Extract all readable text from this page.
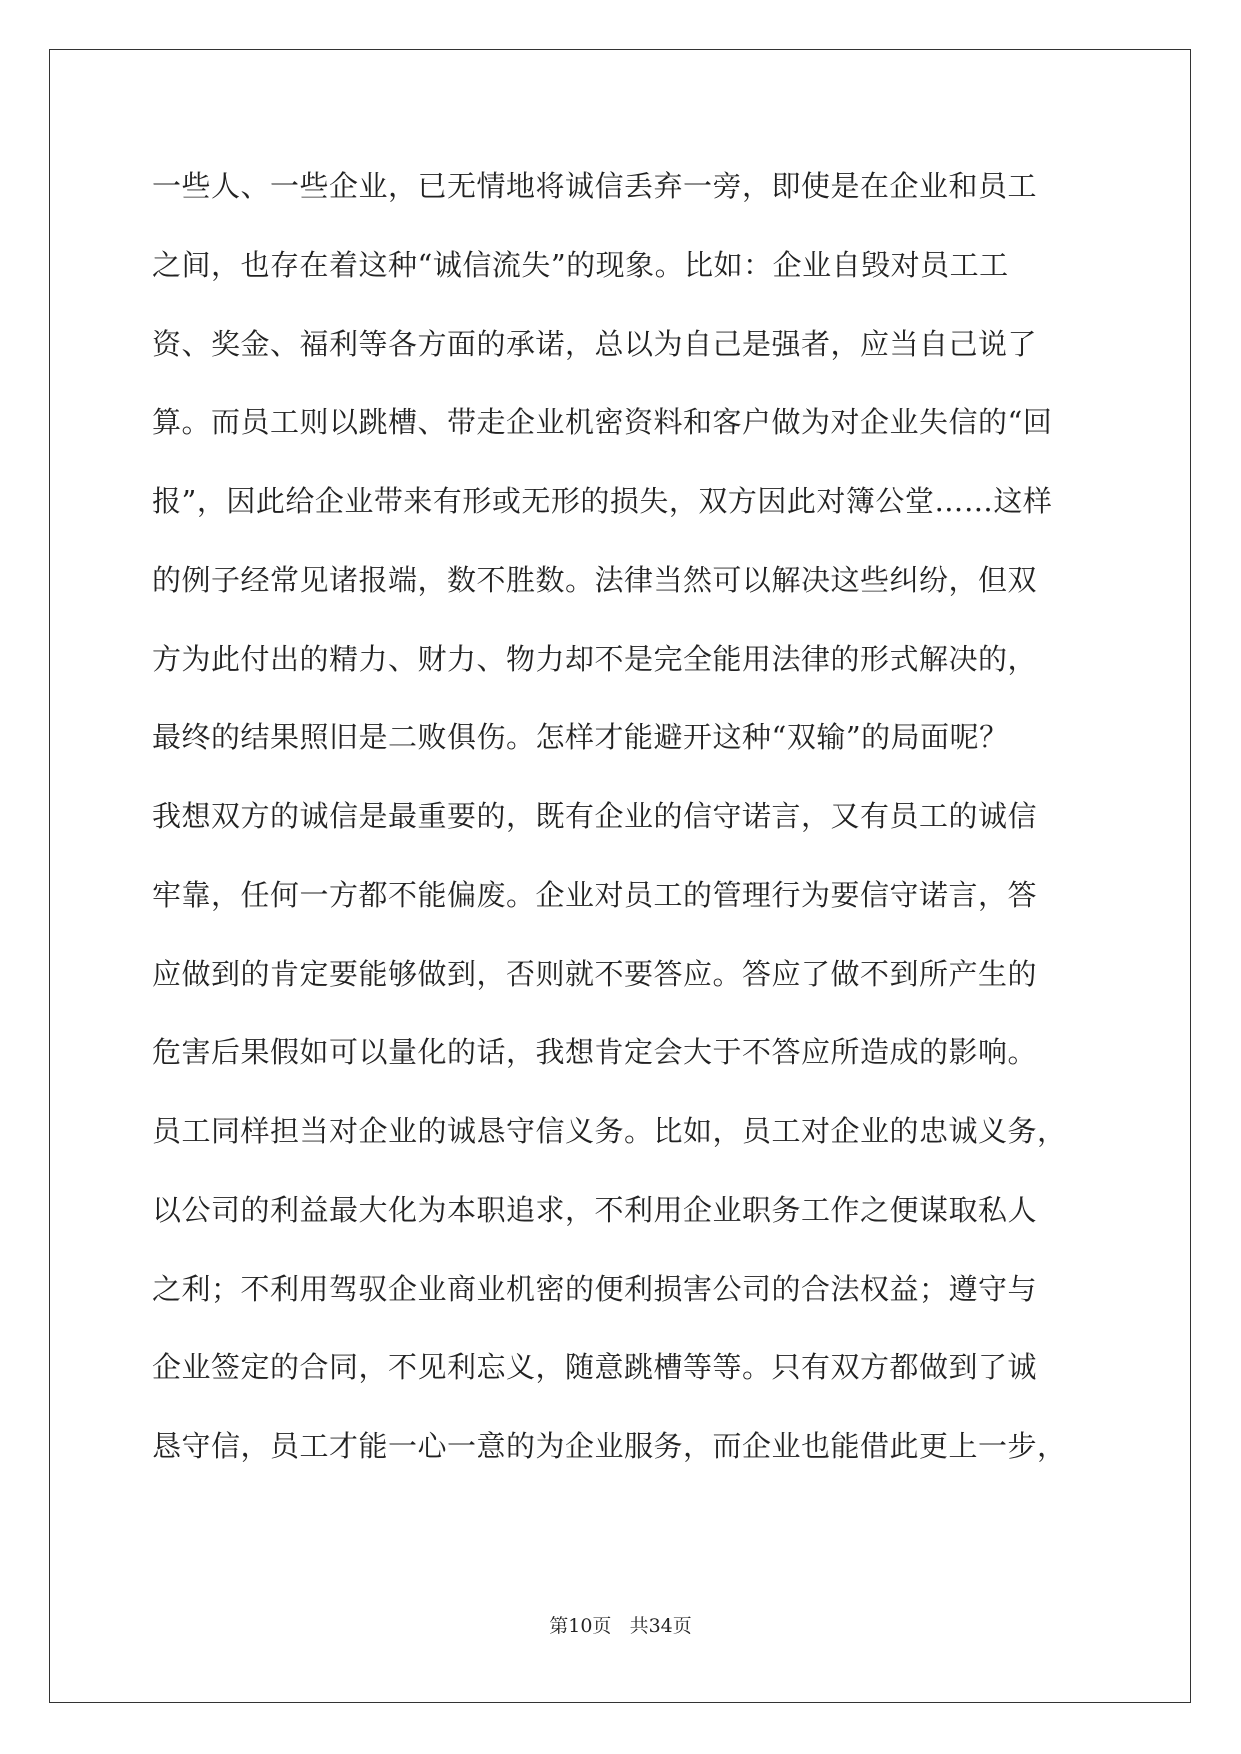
一些人、一些企业，已无情地将诚信丢弃一旁，即使是在企业和员工
之间，也存在着这种“诚信流失”的现象。比如：企业自毁对员工工
资、奖金、福利等各方面的承诺，总以为自己是强者，应当自己说了
算。而员工则以跳槽、带走企业机密资料和客户做为对企业失信的“回
报”，因此给企业带来有形或无形的损失，双方因此对簿公堂……这样
的例子经常见诸报端，数不胜数。法律当然可以解决这些纠纷，但双
方为此付出的精力、财力、物力却不是完全能用法律的形式解决的，
最终的结果照旧是二败俱伤。怎样才能避开这种“双输”的局面呢？
我想双方的诚信是最重要的，既有企业的信守诺言，又有员工的诚信
牢靠，任何一方都不能偏废。企业对员工的管理行为要信守诺言，答
应做到的肯定要能够做到，否则就不要答应。答应了做不到所产生的
危害后果假如可以量化的话，我想肯定会大于不答应所造成的影响。
员工同样担当对企业的诚恳守信义务。比如，员工对企业的忠诚义务，
以公司的利益最大化为本职追求，不利用企业职务工作之便谋取私人
之利；不利用驾驭企业商业机密的便利损害公司的合法权益；遵守与
企业签定的合同，不见利忘义，随意跳槽等等。只有双方都做到了诚
恳守信，员工才能一心一意的为企业服务，而企业也能借此更上一步，
第10页 共34页
